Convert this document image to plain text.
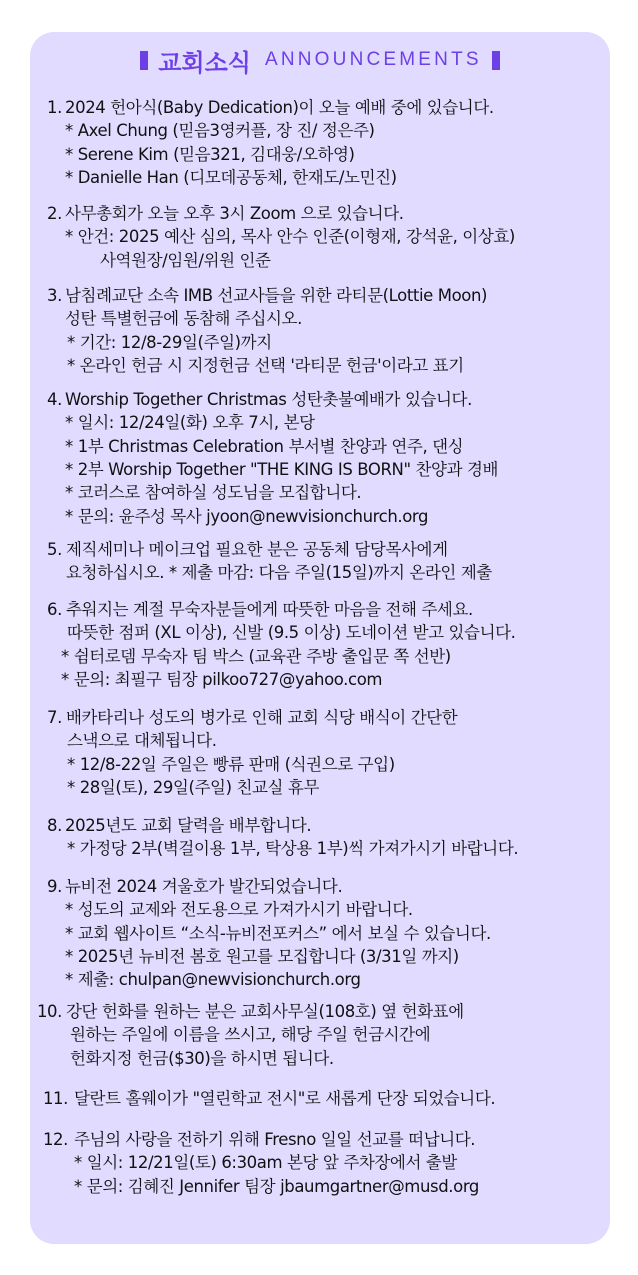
교회소식 ANNOUNCEMENTS
1. 2024 헌아식(Baby Dedication)이 오늘 예배 중에 있습니다.
* Axel Chung (믿음3영커플, 장 진/ 정은주)
* Serene Kim (믿음321, 김대웅/오하영)
* Danielle Han (디모데공동체, 한재도/노민진)
2. 사무총회가 오늘 오후 3시 Zoom 으로 있습니다.
* 안건: 2025 예산 심의, 목사 안수 인준(이형재, 강석윤, 이상효)
사역원장/임원/위원 인준
3. 남침례교단 소속 IMB 선교사들을 위한 라티문(Lottie Moon)
성탄 특별헌금에 동참해 주십시오.
* 기간: 12/8-29일(주일)까지
* 온라인 헌금 시 지정헌금 선택 '라티문 헌금'이라고 표기
4. Worship Together Christmas 성탄촛불예배가 있습니다.
* 일시: 12/24일(화) 오후 7시, 본당
* 1부 Christmas Celebration 부서별 찬양과 연주, 댄싱
* 2부 Worship Together "THE KING IS BORN" 찬양과 경배
* 코러스로 참여하실 성도님을 모집합니다.
* 문의: 윤주성 목사 jyoon@newvisionchurch.org
5. 제직세미나 메이크업 필요한 분은 공동체 담당목사에게
요청하십시오. * 제출 마감: 다음 주일(15일)까지 온라인 제출
6. 추워지는 계절 무숙자분들에게 따뜻한 마음을 전해 주세요.
따뜻한 점퍼 (XL 이상), 신발 (9.5 이상) 도네이션 받고 있습니다.
* 쉼터로뎀 무숙자 팀 박스 (교육관 주방 출입문 쪽 선반)
* 문의: 최필구 팀장 pilkoo727@yahoo.com
7. 배카타리나 성도의 병가로 인해 교회 식당 배식이 간단한
스낵으로 대체됩니다.
* 12/8-22일 주일은 빵류 판매 (식권으로 구입)
* 28일(토), 29일(주일) 친교실 휴무
8. 2025년도 교회 달력을 배부합니다.
* 가정당 2부(벽걸이용 1부, 탁상용 1부)씩 가져가시기 바랍니다.
9. 뉴비전 2024 겨울호가 발간되었습니다.
* 성도의 교제와 전도용으로 가져가시기 바랍니다.
* 교회 웹사이트 “소식-뉴비전포커스” 에서 보실 수 있습니다.
* 2025년 뉴비전 봄호 원고를 모집합니다 (3/31일 까지)
* 제출: chulpan@newvisionchurch.org
10. 강단 헌화를 원하는 분은 교회사무실(108호) 옆 헌화표에
원하는 주일에 이름을 쓰시고, 해당 주일 헌금시간에
헌화지정 헌금($30)을 하시면 됩니다.
11. 달란트 홀웨이가 "열린학교 전시"로 새롭게 단장 되었습니다.
12. 주님의 사랑을 전하기 위해 Fresno 일일 선교를 떠납니다.
* 일시: 12/21일(토) 6:30am 본당 앞 주차장에서 출발
* 문의: 김혜진 Jennifer 팀장 jbaumgartner@musd.org
